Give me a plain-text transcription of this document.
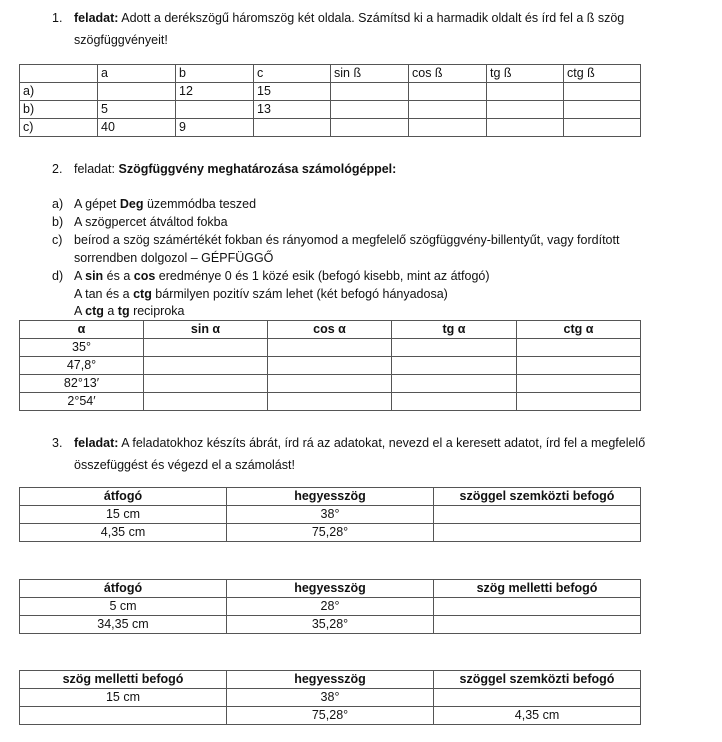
1. feladat: Adott a derékszögű háromszög két oldala. Számítsd ki a harmadik oldalt és írd fel a ß szög
szögfüggvényeit!
	a	b	c	sin ß	cos ß	tg ß	ctg ß
a)		12	15				
b)	5		13				
c)	40	9					
2. feladat: Szögfüggvény meghatározása számológéppel:
a) A gépet Deg üzemmódba teszed
b) A szögpercet átváltod fokba
c) beírod a szög számértékét fokban és rányomod a megfelelő szögfüggvény-billentyűt, vagy fordított
sorrendben dolgozol – GÉPFÜGGŐ
d) A sin és a cos eredménye 0 és 1 közé esik (befogó kisebb, mint az átfogó)
A tan és a ctg bármilyen pozitív szám lehet (két befogó hányadosa)
A ctg a tg reciproka
α	sin α	cos α	tg α	ctg α
35°				
47,8°				
82°13′				
2°54′				
3. feladat: A feladatokhoz készíts ábrát, írd rá az adatokat, nevezd el a keresett adatot, írd fel a megfelelő
összefüggést és végezd el a számolást!
átfogó	hegyesszög	szöggel szemközti befogó
15 cm	38°	
4,35 cm	75,28°	
átfogó	hegyesszög	szög melletti befogó
5 cm	28°	
34,35 cm	35,28°	
szög melletti befogó	hegyesszög	szöggel szemközti befogó
15 cm	38°	
	75,28°	4,35 cm
